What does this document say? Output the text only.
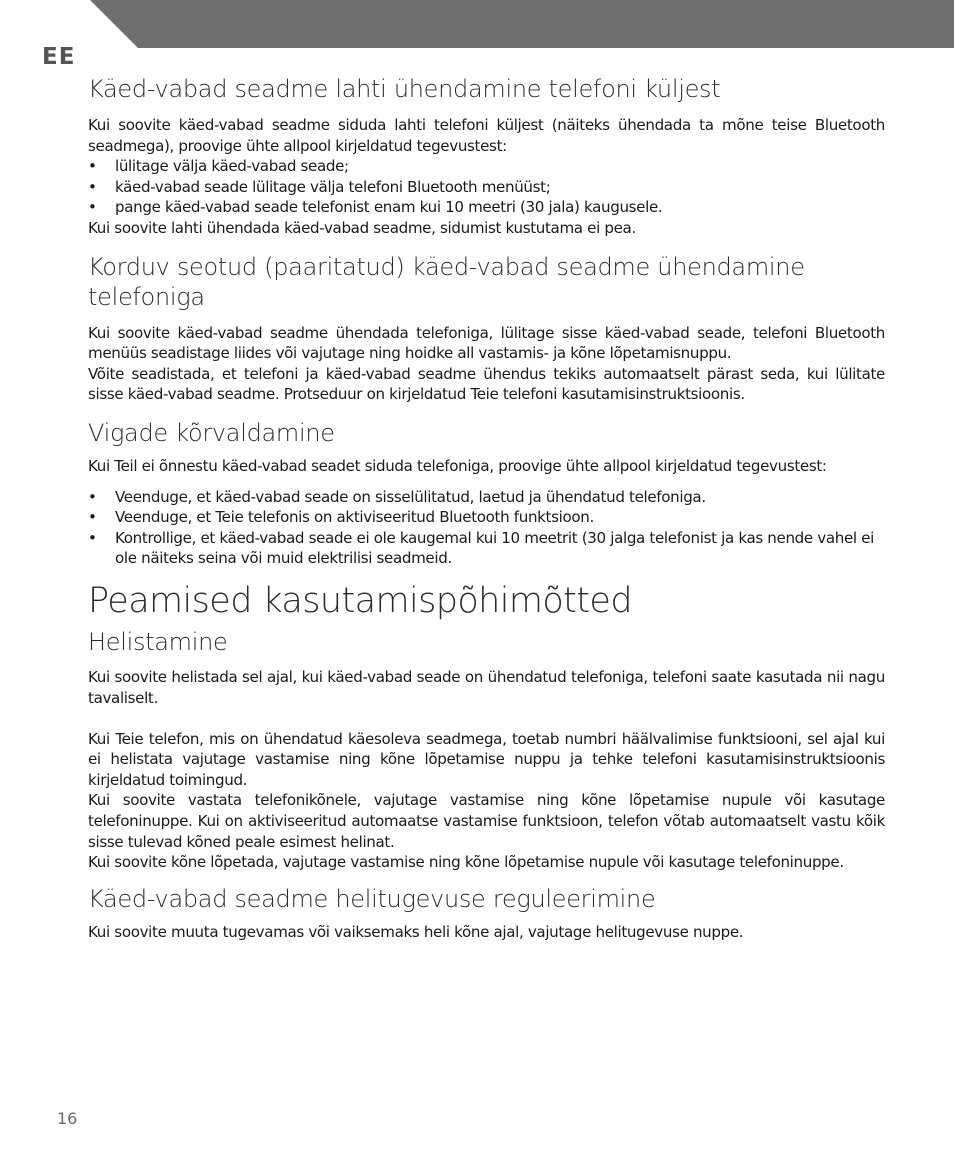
EE
Käed-vabad seadme lahti ühendamine telefoni küljest

Kui soovite käed-vabad seadme siduda lahti telefoni küljest (näiteks ühendada ta mõne teise Bluetooth seadmega), proovige ühte allpool kirjeldatud tegevustest:

• lülitage välja käed-vabad seade;
• käed-vabad seade lülitage välja telefoni Bluetooth menüüst;
• pange käed-vabad seade telefonist enam kui 10 meetri (30 jala) kaugusele.

Kui soovite lahti ühendada käed-vabad seadme, sidumist kustutama ei pea.

Korduv seotud (paaritatud) käed-vabad seadme ühendamine telefoniga

Kui soovite käed-vabad seadme ühendada telefoniga, lülitage sisse käed-vabad seade, telefoni Bluetooth menüüs seadistage liides või vajutage ning hoidke all vastamis- ja kõne lõpetamisnuppu.

Võite seadistada, et telefoni ja käed-vabad seadme ühendus tekiks automaatselt pärast seda, kui lülitate sisse käed-vabad seadme. Protseduur on kirjeldatud Teie telefoni kasutamisinstruktsioonis.

Vigade kõrvaldamine

Kui Teil ei õnnestu käed-vabad seadet siduda telefoniga, proovige ühte allpool kirjeldatud tegevustest:

• Veenduge, et käed-vabad seade on sisselülitatud, laetud ja ühendatud telefoniga.
• Veenduge, et Teie telefonis on aktiviseeritud Bluetooth funktsioon.
• Kontrollige, et käed-vabad seade ei ole kaugemal kui 10 meetrit (30 jalga telefonist ja kas nende vahel ei ole näiteks seina või muid elektrilisi seadmeid.
Peamised kasutamispõhimõtted
Helistamine

Kui soovite helistada sel ajal, kui käed-vabad seade on ühendatud telefoniga, telefoni saate kasutada nii nagu tavaliselt.

Kui Teie telefon, mis on ühendatud käesoleva seadmega, toetab numbri häälvalimise funktsiooni, sel ajal kui ei helistata vajutage vastamise ning kõne lõpetamise nuppu ja tehke telefoni kasutamisinstruktsioonis kirjeldatud toimingud.

Kui soovite vastata telefonikõnele, vajutage vastamise ning kõne lõpetamise nupule või kasutage telefoninuppe. Kui on aktiviseeritud automaatse vastamise funktsioon, telefon võtab automaatselt vastu kõik sisse tulevad kõned peale esimest helinat.

Kui soovite kõne lõpetada, vajutage vastamise ning kõne lõpetamise nupule või kasutage telefoninuppe.

Käed-vabad seadme helitugevuse reguleerimine

Kui soovite muuta tugevamas või vaiksemaks heli kõne ajal, vajutage helitugevuse nuppe.

16
